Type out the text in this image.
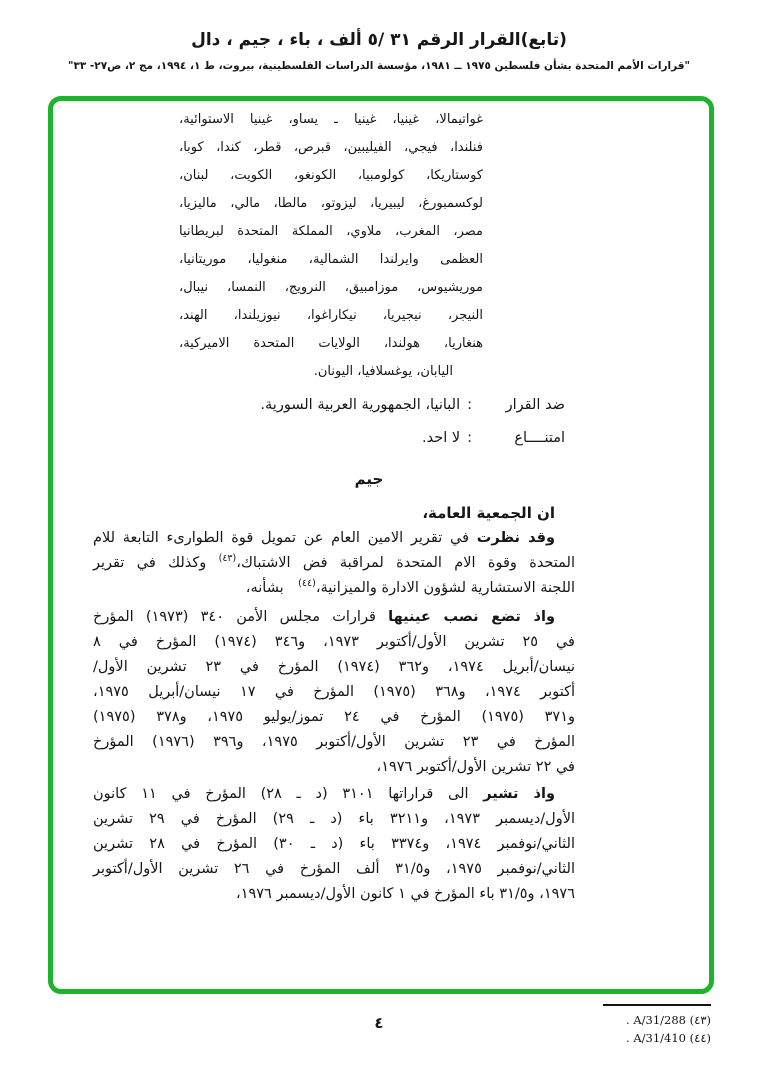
(تابع)القرار الرقم ٣١ /٥ ألف ، باء ، جيم ، دال
"قرارات الأمم المتحدة بشأن فلسطين ١٩٧٥ ــ ١٩٨١، مؤسسة الدراسات الفلسطينية، بيروت، ط ١، ١٩٩٤، مج ٢، ص٢٧- ٣٣"
غواتيمالا، غينيا، غينيا ـ يساو، غينيا الاستوائية،
فنلندا، فيجي، الفيليبين، قبرص، قطر، كندا، كوبا،
كوستاريكا، كولومبيا، الكونغو، الكويت، لبنان،
لوكسمبورغ، ليبيريا، ليزوتو، مالطا، مالي، ماليزيا،
مصر، المغرب، ملاوي، المملكة المتحدة لبريطانيا
العظمى وايرلندا الشمالية، منغوليا، موريتانيا،
موريشيوس، موزامبيق، النرويج، النمسا، نيبال،
النيجر، نيجيريا، نيكاراغوا، نيوزيلندا، الهند،
هنغاريا، هولندا، الولايات المتحدة الاميركية،
اليابان، يوغسلافيا، اليونان.
ضد القرار:البانيا، الجمهورية العربية السورية.
امتنــــاع:لا احد.
جيم
ان الجمعية العامة،
وقد نظرت في تقرير الامين العام عن تمويل قوة الطوارىء التابعة للام
المتحدة وقوة الام المتحدة لمراقبة فض الاشتباك،$^{(٤٣)}$ وكذلك في تقرير
اللجنة الاستشارية لشؤون الادارة والميزانية،$^{(٤٤)}$ بشأنه،
واذ تضع نصب عينيها قرارات مجلس الأمن ٣٤٠ (١٩٧٣) المؤرخ
في ٢٥ تشرين الأول/أكتوبر ١٩٧٣، و٣٤٦ (١٩٧٤) المؤرخ في ٨
نيسان/أبريل ١٩٧٤، و٣٦٢ (١٩٧٤) المؤرخ في ٢٣ تشرين الأول/
أكتوبر ١٩٧٤، و٣٦٨ (١٩٧٥) المؤرخ في ١٧ نيسان/أبريل ١٩٧٥،
و٣٧١ (١٩٧٥) المؤرخ في ٢٤ تموز/يوليو ١٩٧٥، و٣٧٨ (١٩٧٥)
المؤرخ في ٢٣ تشرين الأول/أكتوبر ١٩٧٥، و٣٩٦ (١٩٧٦) المؤرخ
في ٢٢ تشرين الأول/أكتوبر ١٩٧٦،
واذ تشير الى قراراتها ٣١٠١ (د ـ ٢٨) المؤرخ في ١١ كانون
الأول/ديسمبر ١٩٧٣، و٣٢١١ باء (د ـ ٢٩) المؤرخ في ٢٩ تشرين
الثاني/نوفمبر ١٩٧٤، و٣٣٧٤ باء (د ـ ٣٠) المؤرخ في ٢٨ تشرين
الثاني/نوفمبر ١٩٧٥، و٣١/٥ ألف المؤرخ في ٢٦ تشرين الأول/أكتوبر
١٩٧٦، و٣١/٥ باء المؤرخ في ١ كانون الأول/ديسمبر ١٩٧٦،
(٤٣) A/31/288 .
(٤٤) A/31/410 .
٤
